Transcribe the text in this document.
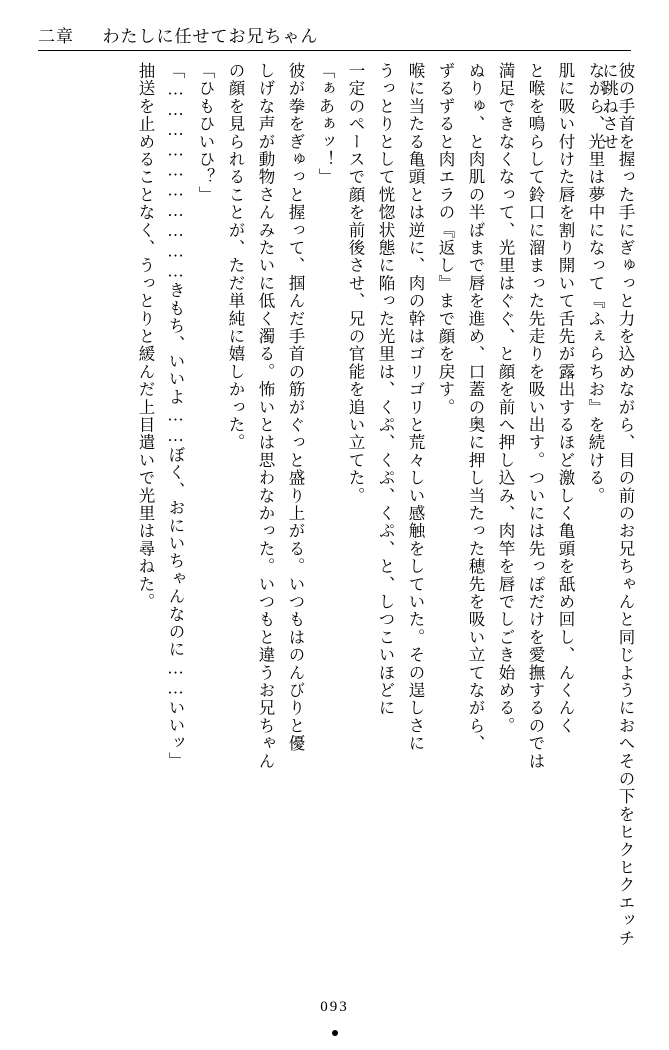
二章 わたしに任せてお兄ちゃん
彼の手首を握った手にぎゅっと力を込めながら、目の前のお兄ちゃんと同じようにおへその下をヒクヒクエッチに跳ねさせ
ながら、光里は夢中になって『ふぇらちお』を続ける。
肌に吸い付けた唇を割り開いて舌先が露出するほど激しく亀頭を舐め回し、んくんく
と喉を鳴らして鈴口に溜まった先走りを吸い出す。ついには先っぽだけを愛撫するのでは
満足できなくなって、光里はぐぐ、と顔を前へ押し込み、肉竿を唇でしごき始める。
ぬりゅ、と肉肌の半ばまで唇を進め、口蓋の奥に押し当たった穂先を吸い立てながら、
ずるずると肉エラの『返し』まで顔を戻す。
喉に当たる亀頭とは逆に、肉の幹はゴリゴリと荒々しい感触をしていた。その逞しさに
うっとりとして恍惚状態に陥った光里は、くぷ、くぷ、くぷ、と、しつこいほどに
一定のペースで顔を前後させ、兄の官能を追い立てた。
「ぁあぁッ！」
彼が拳をぎゅっと握って、掴んだ手首の筋がぐっと盛り上がる。いつもはのんびりと優
しげな声が動物さんみたいに低く濁る。怖いとは思わなかった。いつもと違うお兄ちゃん
の顔を見られることが、ただ単純に嬉しかった。
「ひもひいひ？」
「…………………………きもち、いいよ……ぼく、おにいちゃんなのに……いいッ」
抽送を止めることなく、うっとりと緩んだ上目遣いで光里は尋ねた。
093
